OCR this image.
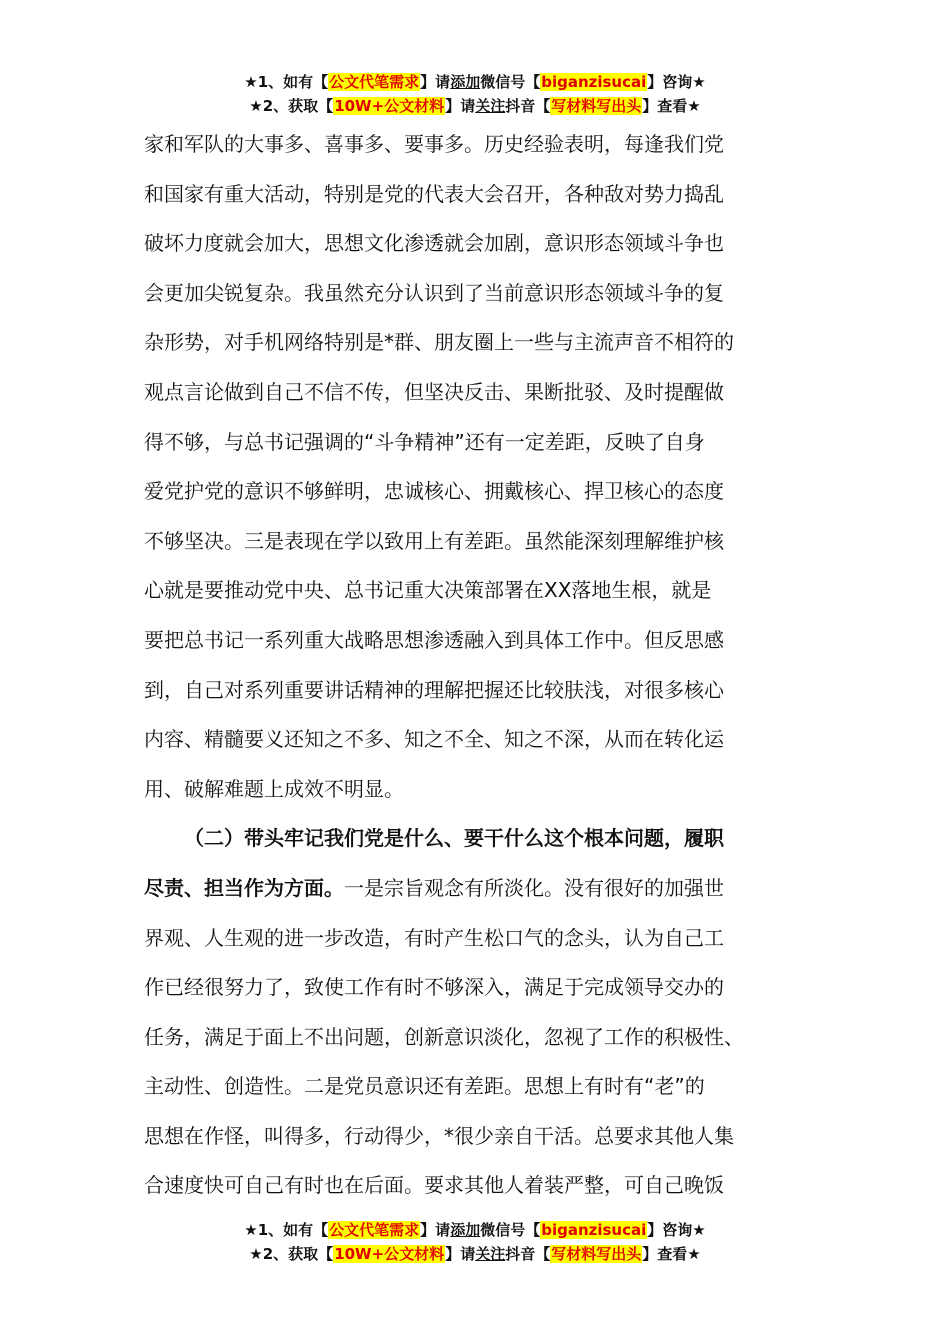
★1、如有【公文代笔需求】请添加微信号【biganzisucai】咨询★
★2、获取【10W+公文材料】请关注抖音【写材料写出头】查看★
家和军队的大事多、喜事多、要事多。历史经验表明，每逢我们党
和国家有重大活动，特别是党的代表大会召开，各种敌对势力捣乱
破坏力度就会加大，思想文化渗透就会加剧，意识形态领域斗争也
会更加尖锐复杂。我虽然充分认识到了当前意识形态领域斗争的复
杂形势，对手机网络特别是*群、朋友圈上一些与主流声音不相符的
观点言论做到自己不信不传，但坚决反击、果断批驳、及时提醒做
得不够，与总书记强调的“斗争精神”还有一定差距，反映了自身
爱党护党的意识不够鲜明，忠诚核心、拥戴核心、捍卫核心的态度
不够坚决。三是表现在学以致用上有差距。虽然能深刻理解维护核
心就是要推动党中央、总书记重大决策部署在XX落地生根，就是
要把总书记一系列重大战略思想渗透融入到具体工作中。但反思感
到，自己对系列重要讲话精神的理解把握还比较肤浅，对很多核心
内容、精髓要义还知之不多、知之不全、知之不深，从而在转化运
用、破解难题上成效不明显。
（二）带头牢记我们党是什么、要干什么这个根本问题，履职
尽责、担当作为方面。一是宗旨观念有所淡化。没有很好的加强世
界观、人生观的进一步改造，有时产生松口气的念头，认为自己工
作已经很努力了，致使工作有时不够深入，满足于完成领导交办的
任务，满足于面上不出问题，创新意识淡化，忽视了工作的积极性、
主动性、创造性。二是党员意识还有差距。思想上有时有“老”的
思想在作怪，叫得多，行动得少，*很少亲自干活。总要求其他人集
合速度快可自己有时也在后面。要求其他人着装严整，可自己晚饭
★1、如有【公文代笔需求】请添加微信号【biganzisucai】咨询★
★2、获取【10W+公文材料】请关注抖音【写材料写出头】查看★
